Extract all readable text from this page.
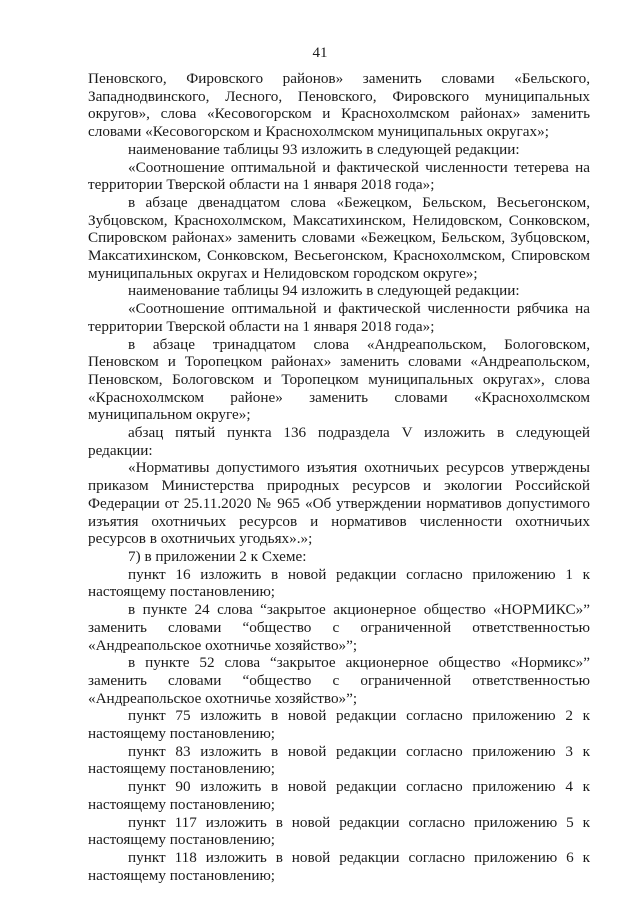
41

Пеновского, Фировского районов» заменить словами «Бельского, Западнодвинского, Лесного, Пеновского, Фировского муниципальных округов», слова «Кесовогорском и Краснохолмском районах» заменить словами «Кесовогорском и Краснохолмском муниципальных округах»;

наименование таблицы 93 изложить в следующей редакции:

«Соотношение оптимальной и фактической численности тетерева на территории Тверской области на 1 января 2018 года»;

в абзаце двенадцатом слова «Бежецком, Бельском, Весьегонском, Зубцовском, Краснохолмском, Максатихинском, Нелидовском, Сонковском, Спировском районах» заменить словами «Бежецком, Бельском, Зубцовском, Максатихинском, Сонковском, Весьегонском, Краснохолмском, Спировском муниципальных округах и Нелидовском городском округе»;

наименование таблицы 94 изложить в следующей редакции:

«Соотношение оптимальной и фактической численности рябчика на территории Тверской области на 1 января 2018 года»;

в абзаце тринадцатом слова «Андреапольском, Бологовском, Пеновском и Торопецком районах» заменить словами «Андреапольском, Пеновском, Бологовском и Торопецком муниципальных округах», слова «Краснохолмском районе» заменить словами «Краснохолмском муниципальном округе»;

абзац пятый пункта 136 подраздела V изложить в следующей редакции:

«Нормативы допустимого изъятия охотничьих ресурсов утверждены приказом Министерства природных ресурсов и экологии Российской Федерации от 25.11.2020 № 965 «Об утверждении нормативов допустимого изъятия охотничьих ресурсов и нормативов численности охотничьих ресурсов в охотничьих угодьях».»;

7) в приложении 2 к Схеме:

пункт 16 изложить в новой редакции согласно приложению 1 к настоящему постановлению;

в пункте 24 слова “закрытое акционерное общество «НОРМИКС»” заменить словами “общество с ограниченной ответственностью «Андреапольское охотничье хозяйство»”;

в пункте 52 слова “закрытое акционерное общество «Нормикс»” заменить словами “общество с ограниченной ответственностью «Андреапольское охотничье хозяйство»”;

пункт 75 изложить в новой редакции согласно приложению 2 к настоящему постановлению;

пункт 83 изложить в новой редакции согласно приложению 3 к настоящему постановлению;

пункт 90 изложить в новой редакции согласно приложению 4 к настоящему постановлению;

пункт 117 изложить в новой редакции согласно приложению 5 к настоящему постановлению;

пункт 118 изложить в новой редакции согласно приложению 6 к настоящему постановлению;
